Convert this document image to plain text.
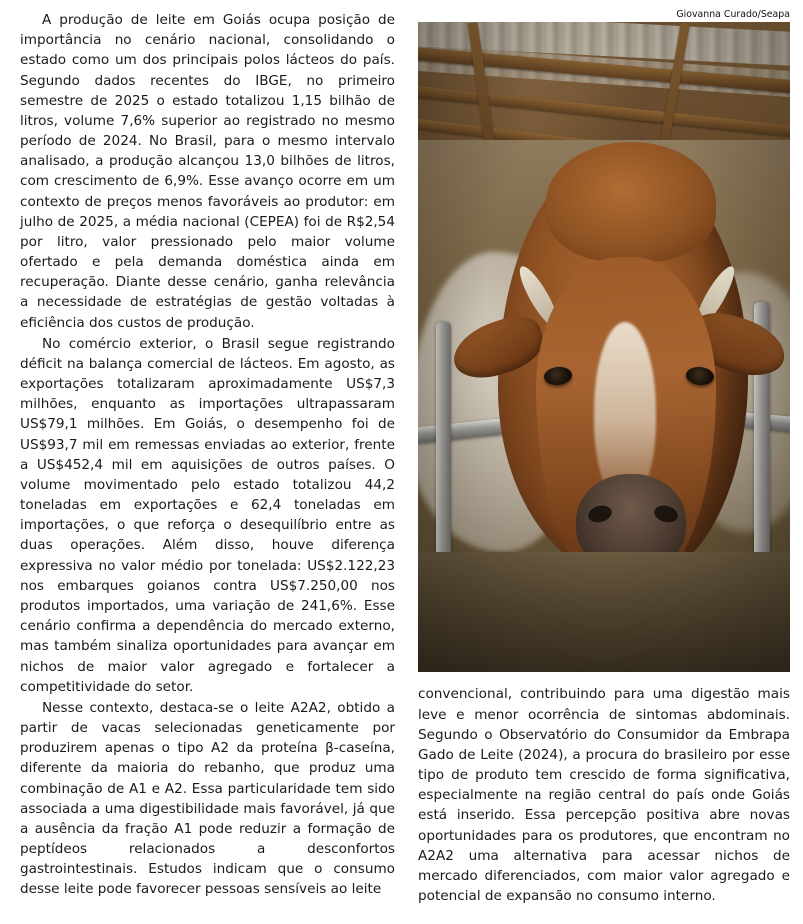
A produção de leite em Goiás ocupa posição de importância no cenário nacional, consolidando o estado como um dos principais polos lácteos do país. Segundo dados recentes do IBGE, no primeiro semestre de 2025 o estado totalizou 1,15 bilhão de litros, volume 7,6% superior ao registrado no mesmo período de 2024. No Brasil, para o mesmo intervalo analisado, a produção alcançou 13,0 bilhões de litros, com crescimento de 6,9%. Esse avanço ocorre em um contexto de preços menos favoráveis ao produtor: em julho de 2025, a média nacional (CEPEA) foi de R$2,54 por litro, valor pressionado pelo maior volume ofertado e pela demanda doméstica ainda em recuperação. Diante desse cenário, ganha relevância a necessidade de estratégias de gestão voltadas à eficiência dos custos de produção.

No comércio exterior, o Brasil segue registrando déficit na balança comercial de lácteos. Em agosto, as exportações totalizaram aproximadamente US$7,3 milhões, enquanto as importações ultrapassaram US$79,1 milhões. Em Goiás, o desempenho foi de US$93,7 mil em remessas enviadas ao exterior, frente a US$452,4 mil em aquisições de outros países. O volume movimentado pelo estado totalizou 44,2 toneladas em exportações e 62,4 toneladas em importações, o que reforça o desequilíbrio entre as duas operações. Além disso, houve diferença expressiva no valor médio por tonelada: US$2.122,23 nos embarques goianos contra US$7.250,00 nos produtos importados, uma variação de 241,6%. Esse cenário confirma a dependência do mercado externo, mas também sinaliza oportunidades para avançar em nichos de maior valor agregado e fortalecer a competitividade do setor.

Nesse contexto, destaca-se o leite A2A2, obtido a partir de vacas selecionadas geneticamente por produzirem apenas o tipo A2 da proteína β-caseína, diferente da maioria do rebanho, que produz uma combinação de A1 e A2. Essa particularidade tem sido associada a uma digestibilidade mais favorável, já que a ausência da fração A1 pode reduzir a formação de peptídeos relacionados a desconfortos gastrointestinais. Estudos indicam que o consumo desse leite pode favorecer pessoas sensíveis ao leite

Giovanna Curado/Seapa

convencional, contribuindo para uma digestão mais leve e menor ocorrência de sintomas abdominais. Segundo o Observatório do Consumidor da Embrapa Gado de Leite (2024), a procura do brasileiro por esse tipo de produto tem crescido de forma significativa, especialmente na região central do país onde Goiás está inserido. Essa percepção positiva abre novas oportunidades para os produtores, que encontram no A2A2 uma alternativa para acessar nichos de mercado diferenciados, com maior valor agregado e potencial de expansão no consumo interno.
